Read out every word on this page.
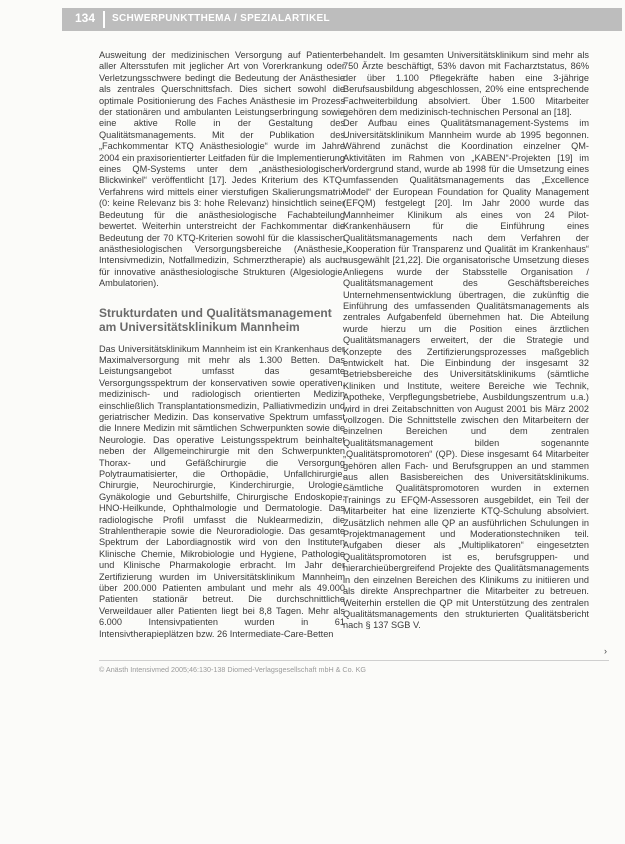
134 SCHWERPUNKTTHEMA / SPEZIALARTIKEL

Ausweitung der medizinischen Versorgung auf Patienten aller Altersstufen mit jeglicher Art von Vorerkrankung oder Verletzungsschwere bedingt die Bedeutung der Anästhesie als zentrales Querschnittsfach. Dies sichert sowohl die optimale Positionierung des Faches Anästhesie im Prozess der stationären und ambulanten Leistungserbringung sowie eine aktive Rolle in der Gestaltung des Qualitätsmanagements. Mit der Publikation des „Fachkommentar KTQ Anästhesiologie“ wurde im Jahre 2004 ein praxisorientierter Leitfaden für die Implementierung eines QM-Systems unter dem „anästhesiologischen Blickwinkel“ veröffentlicht [17]. Jedes Kriterium des KTQ-Verfahrens wird mittels einer vierstufigen Skalierungsmatrix (0: keine Relevanz bis 3: hohe Relevanz) hinsichtlich seiner Bedeutung für die anästhesiologische Fachabteilung bewertet. Weiterhin unterstreicht der Fachkommentar die Bedeutung der 70 KTQ-Kriterien sowohl für die klassischen anästhesiologischen Versorgungsbereiche (Anästhesie, Intensivmedizin, Notfallmedizin, Schmerztherapie) als auch für innovative anästhesiologische Strukturen (Algesiologie, Ambulatorien).

Strukturdaten und Qualitätsmanagement am Universitätsklinikum Mannheim

Das Universitätsklinikum Mannheim ist ein Krankenhaus der Maximalversorgung mit mehr als 1.300 Betten. Das Leistungsangebot umfasst das gesamte Versorgungsspektrum der konservativen sowie operativen, medizinisch- und radiologisch orientierten Medizin einschließlich Transplantationsmedizin, Palliativmedizin und geriatrischer Medizin. Das konservative Spektrum umfasst die Innere Medizin mit sämtlichen Schwerpunkten sowie die Neurologie. Das operative Leistungsspektrum beinhaltet neben der Allgemeinchirurgie mit den Schwerpunkten Thorax- und Gefäßchirurgie die Versorgung Polytraumatisierter, die Orthopädie, Unfallchirurgie, Chirurgie, Neurochirurgie, Kinderchirurgie, Urologie, Gynäkologie und Geburtshilfe, Chirurgische Endoskopie, HNO-Heilkunde, Ophthalmologie und Dermatologie. Das radiologische Profil umfasst die Nuklearmedizin, die Strahlentherapie sowie die Neuroradiologie. Das gesamte Spektrum der Labordiagnostik wird von den Instituten Klinische Chemie, Mikrobiologie und Hygiene, Pathologie und Klinische Pharmakologie erbracht. Im Jahr der Zertifizierung wurden im Universitätsklinikum Mannheim über 200.000 Patienten ambulant und mehr als 49.000 Patienten stationär betreut. Die durchschnittliche Verweildauer aller Patienten liegt bei 8,8 Tagen. Mehr als 6.000 Intensivpatienten wurden in 61 Intensivtherapieplätzen bzw. 26 Intermediate-Care-Betten

behandelt. Im gesamten Universitätsklinikum sind mehr als 750 Ärzte beschäftigt, 53% davon mit Facharztstatus, 86% der über 1.100 Pflegekräfte haben eine 3-jährige Berufsausbildung abgeschlossen, 20% eine entsprechende Fachweiterbildung absolviert. Über 1.500 Mitarbeiter gehören dem medizinisch-technischen Personal an [18].

Der Aufbau eines Qualitätsmanagement-Systems im Universitätsklinikum Mannheim wurde ab 1995 begonnen. Während zunächst die Koordination einzelner QM-Aktivitäten im Rahmen von „KABEN“-Projekten [19] im Vordergrund stand, wurde ab 1998 für die Umsetzung eines umfassenden Qualitätsmanagements das „Excellence Model“ der European Foundation for Quality Management (EFQM) festgelegt [20]. Im Jahr 2000 wurde das Mannheimer Klinikum als eines von 24 Pilot-Krankenhäusern für die Einführung eines Qualitätsmanagements nach dem Verfahren der „Kooperation für Transparenz und Qualität im Krankenhaus“ ausgewählt [21,22]. Die organisatorische Umsetzung dieses Anliegens wurde der Stabsstelle Organisation / Qualitätsmanagement des Geschäftsbereiches Unternehmensentwicklung übertragen, die zukünftig die Einführung des umfassenden Qualitätsmanagements als zentrales Aufgabenfeld übernehmen hat. Die Abteilung wurde hierzu um die Position eines ärztlichen Qualitätsmanagers erweitert, der die Strategie und Konzepte des Zertifizierungsprozesses maßgeblich entwickelt hat. Die Einbindung der insgesamt 32 Betriebsbereiche des Universitätsklinikums (sämtliche Kliniken und Institute, weitere Bereiche wie Technik, Apotheke, Verpflegungsbetriebe, Ausbildungszentrum u.a.) wird in drei Zeitabschnitten von August 2001 bis März 2002 vollzogen. Die Schnittstelle zwischen den Mitarbeitern der einzelnen Bereichen und dem zentralen Qualitätsmanagement bilden sogenannte „Qualitätspromotoren“ (QP). Diese insgesamt 64 Mitarbeiter gehören allen Fach- und Berufsgruppen an und stammen aus allen Basisbereichen des Universitätsklinikums. Sämtliche Qualitätspromotoren wurden in externen Trainings zu EFQM-Assessoren ausgebildet, ein Teil der Mitarbeiter hat eine lizenzierte KTQ-Schulung absolviert. Zusätzlich nehmen alle QP an ausführlichen Schulungen in Projektmanagement und Moderationstechniken teil. Aufgaben dieser als „Multiplikatoren“ eingesetzten Qualitätspromotoren ist es, berufsgruppen- und hierarchieübergreifend Projekte des Qualitätsmanagements in den einzelnen Bereichen des Klinikums zu initiieren und als direkte Ansprechpartner die Mitarbeiter zu betreuen. Weiterhin erstellen die QP mit Unterstützung des zentralen Qualitätsmanagements den strukturierten Qualitätsbericht nach § 137 SGB V.

›
© Anästh Intensivmed 2005;46:130-138 Diomed-Verlagsgesellschaft mbH & Co. KG
